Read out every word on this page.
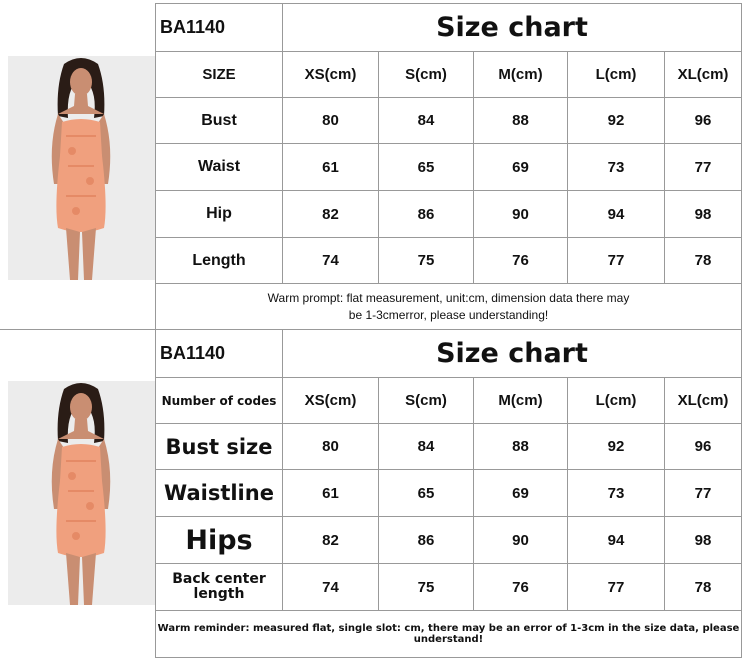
BA1140	Size chart
SIZE	XS(cm)	S(cm)	M(cm)	L(cm)	XL(cm)
Bust	80	84	88	92	96
Waist	61	65	69	73	77
Hip	82	86	90	94	98
Length	74	75	76	77	78
Warm prompt: flat measurement, unit:cm, dimension data there may
be 1-3cmerror, please understanding!
BA1140	Size chart
Number of codes	XS(cm)	S(cm)	M(cm)	L(cm)	XL(cm)
Bust size	80	84	88	92	96
Waistline	61	65	69	73	77
Hips	82	86	90	94	98
Back center
length	74	75	76	77	78
Warm reminder: measured flat, single slot: cm, there may be an error of 1-3cm in the size data, please understand!
